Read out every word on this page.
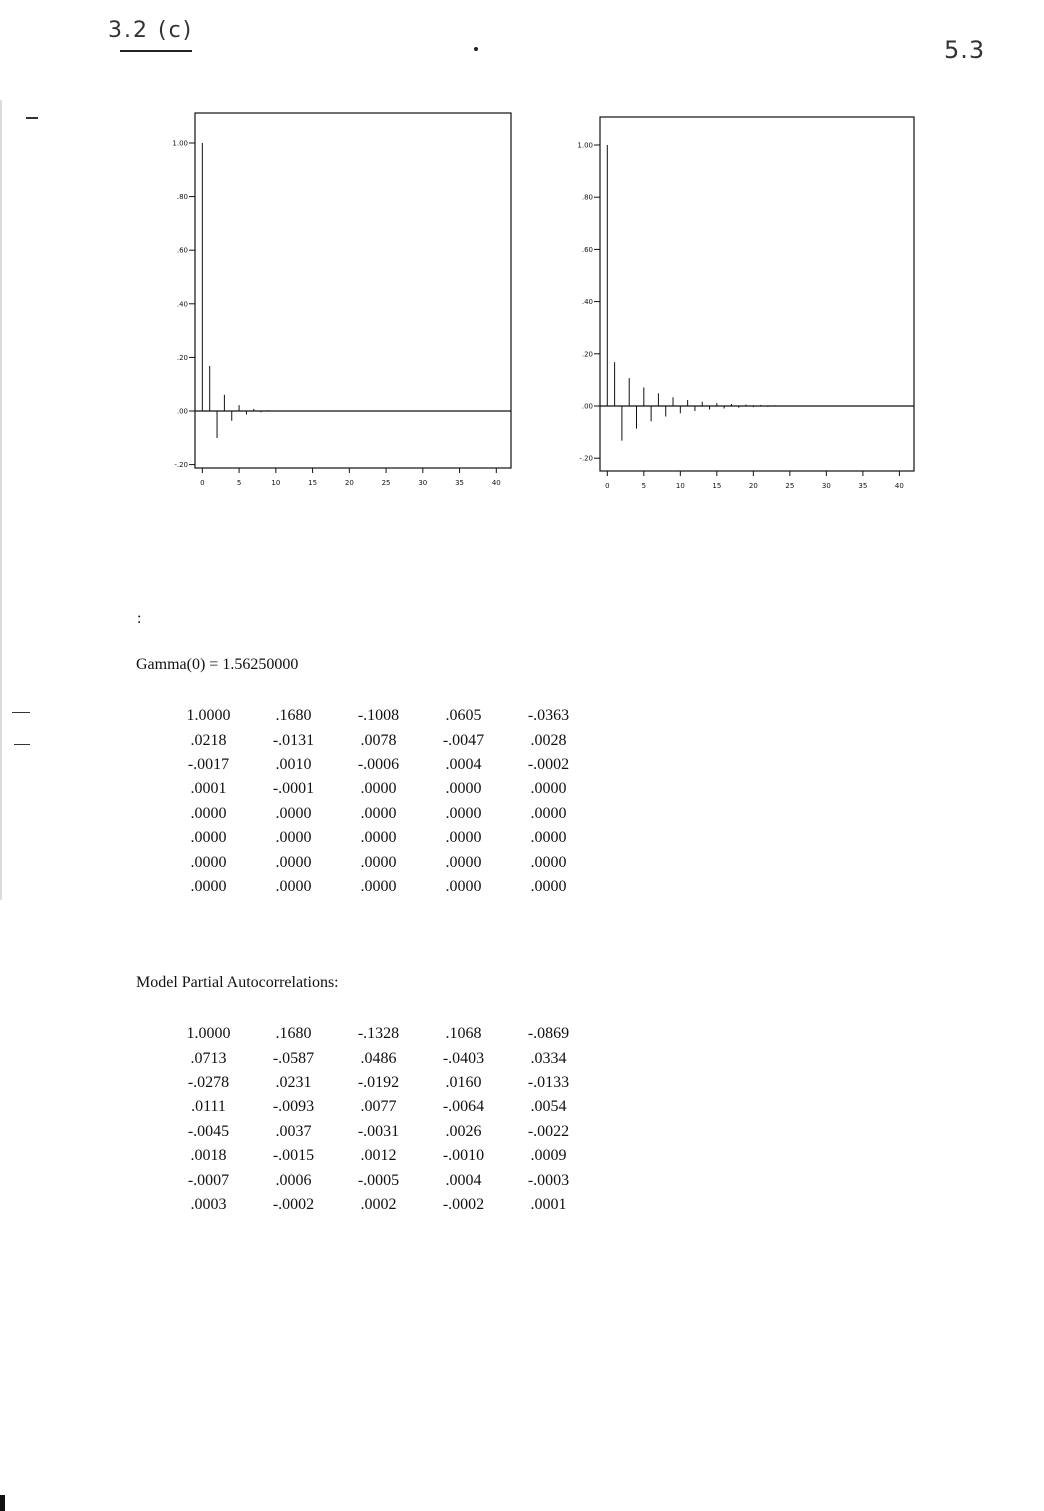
3.2 (c)
5.3
-.20
.00
.20
.40
.60
.80
1.00
0	5	10	15	20	25	30	35	40
-.20
.00
.20
.40
.60
.80
1.00
0	5	10	15	20	25	30	35	40
:
Gamma(0) = 1.56250000
1.0000	.1680	-.1008	.0605	-.0363
.0218	-.0131	.0078	-.0047	.0028
-.0017	.0010	-.0006	.0004	-.0002
.0001	-.0001	.0000	.0000	.0000
.0000	.0000	.0000	.0000	.0000
.0000	.0000	.0000	.0000	.0000
.0000	.0000	.0000	.0000	.0000
.0000	.0000	.0000	.0000	.0000
Model Partial Autocorrelations:
1.0000	.1680	-.1328	.1068	-.0869
.0713	-.0587	.0486	-.0403	.0334
-.0278	.0231	-.0192	.0160	-.0133
.0111	-.0093	.0077	-.0064	.0054
-.0045	.0037	-.0031	.0026	-.0022
.0018	-.0015	.0012	-.0010	.0009
-.0007	.0006	-.0005	.0004	-.0003
.0003	-.0002	.0002	-.0002	.0001
